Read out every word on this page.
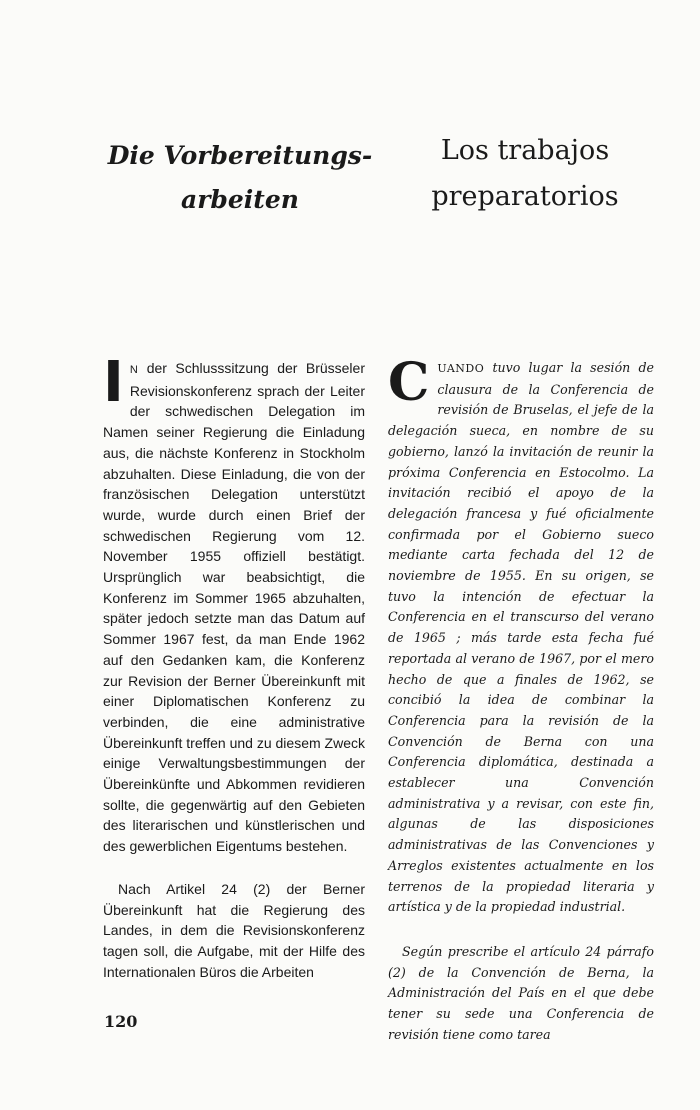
Die Vorbereitungs-
arbeiten
Los trabajos
preparatorios

I N der Schlusssitzung der Brüsseler Revisionskonferenz sprach der Leiter der schwedischen Delegation im Namen seiner Regierung die Einladung aus, die nächste Konferenz in Stockholm abzuhalten. Diese Einladung, die von der französischen Delegation unterstützt wurde, wurde durch einen Brief der schwedischen Regierung vom 12. November 1955 offiziell bestätigt. Ursprünglich war beabsichtigt, die Konferenz im Sommer 1965 abzuhalten, später jedoch setzte man das Datum auf Sommer 1967 fest, da man Ende 1962 auf den Gedanken kam, die Konferenz zur Revision der Berner Übereinkunft mit einer Diplomatischen Konferenz zu verbinden, die eine administrative Übereinkunft treffen und zu diesem Zweck einige Verwaltungsbestimmungen der Übereinkünfte und Abkommen revidieren sollte, die gegenwärtig auf den Gebieten des literarischen und künstlerischen und des gewerblichen Eigentums bestehen.

Nach Artikel 24 (2) der Berner Übereinkunft hat die Regierung des Landes, in dem die Revisionskonferenz tagen soll, die Aufgabe, mit der Hilfe des Internationalen Büros die Arbeiten

CUANDO tuvo lugar la sesión de clausura de la Conferencia de revisión de Bruselas, el jefe de la delegación sueca, en nombre de su gobierno, lanzó la invitación de reunir la próxima Conferencia en Estocolmo. La invitación recibió el apoyo de la delegación francesa y fué oficialmente confirmada por el Gobierno sueco mediante carta fechada del 12 de noviembre de 1955. En su origen, se tuvo la intención de efectuar la Conferencia en el transcurso del verano de 1965 ; más tarde esta fecha fué reportada al verano de 1967, por el mero hecho de que a finales de 1962, se concibió la idea de combinar la Conferencia para la revisión de la Convención de Berna con una Conferencia diplomática, destinada a establecer una Convención administrativa y a revisar, con este fin, algunas de las disposiciones administrativas de las Convenciones y Arreglos existentes actualmente en los terrenos de la propiedad literaria y artística y de la propiedad industrial.

Según prescribe el artículo 24 párrafo (2) de la Convención de Berna, la Administración del País en el que debe tener su sede una Conferencia de revisión tiene como tarea

120
